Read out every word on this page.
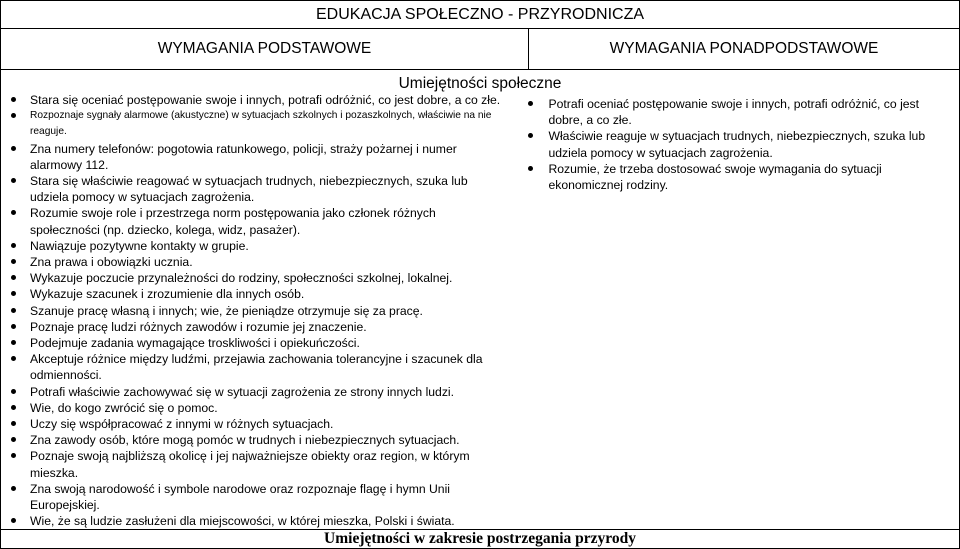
EDUKACJA SPOŁECZNO - PRZYRODNICZA
WYMAGANIA PODSTAWOWE	WYMAGANIA PONADPODSTAWOWE

Umiejętności społeczne
Stara się oceniać postępowanie swoje i innych, potrafi odróżnić, co jest dobre, a co złe.
Rozpoznaje sygnały alarmowe (akustyczne) w sytuacjach szkolnych i pozaszkolnych, właściwie na nie reaguje.
Zna numery telefonów: pogotowia ratunkowego, policji, straży pożarnej i numer alarmowy 112.
Stara się właściwie reagować w sytuacjach trudnych, niebezpiecznych, szuka lub udziela pomocy w sytuacjach zagrożenia.
Rozumie swoje role i przestrzega norm postępowania jako członek różnych społeczności (np. dziecko, kolega, widz, pasażer).
Nawiązuje pozytywne kontakty w grupie.
Zna prawa i obowiązki ucznia.
Wykazuje poczucie przynależności do rodziny, społeczności szkolnej, lokalnej.
Wykazuje szacunek i zrozumienie dla innych osób.
Szanuje pracę własną i innych; wie, że pieniądze otrzymuje się za pracę.
Poznaje pracę ludzi różnych zawodów i rozumie jej znaczenie.
Podejmuje zadania wymagające troskliwości i opiekuńczości.
Akceptuje różnice między ludźmi, przejawia zachowania tolerancyjne i szacunek dla odmienności.
Potrafi właściwie zachowywać się w sytuacji zagrożenia ze strony innych ludzi.
Wie, do kogo zwrócić się o pomoc.
Uczy się współpracować z innymi w różnych sytuacjach.
Zna zawody osób, które mogą pomóc w trudnych i niebezpiecznych sytuacjach.
Poznaje swoją najbliższą okolicę i jej najważniejsze obiekty oraz region, w którym mieszka.
Zna swoją narodowość i symbole narodowe oraz rozpoznaje flagę i hymn Unii Europejskiej.
Wie, że są ludzie zasłużeni dla miejscowości, w której mieszka, Polski i świata.
Potrafi oceniać postępowanie swoje i innych, potrafi odróżnić, co jest dobre, a co złe.
Właściwie reaguje w sytuacjach trudnych, niebezpiecznych, szuka lub udziela pomocy w sytuacjach zagrożenia.
Rozumie, że trzeba dostosować swoje wymagania do sytuacji ekonomicznej rodziny.

Umiejętności w zakresie postrzegania przyrody
